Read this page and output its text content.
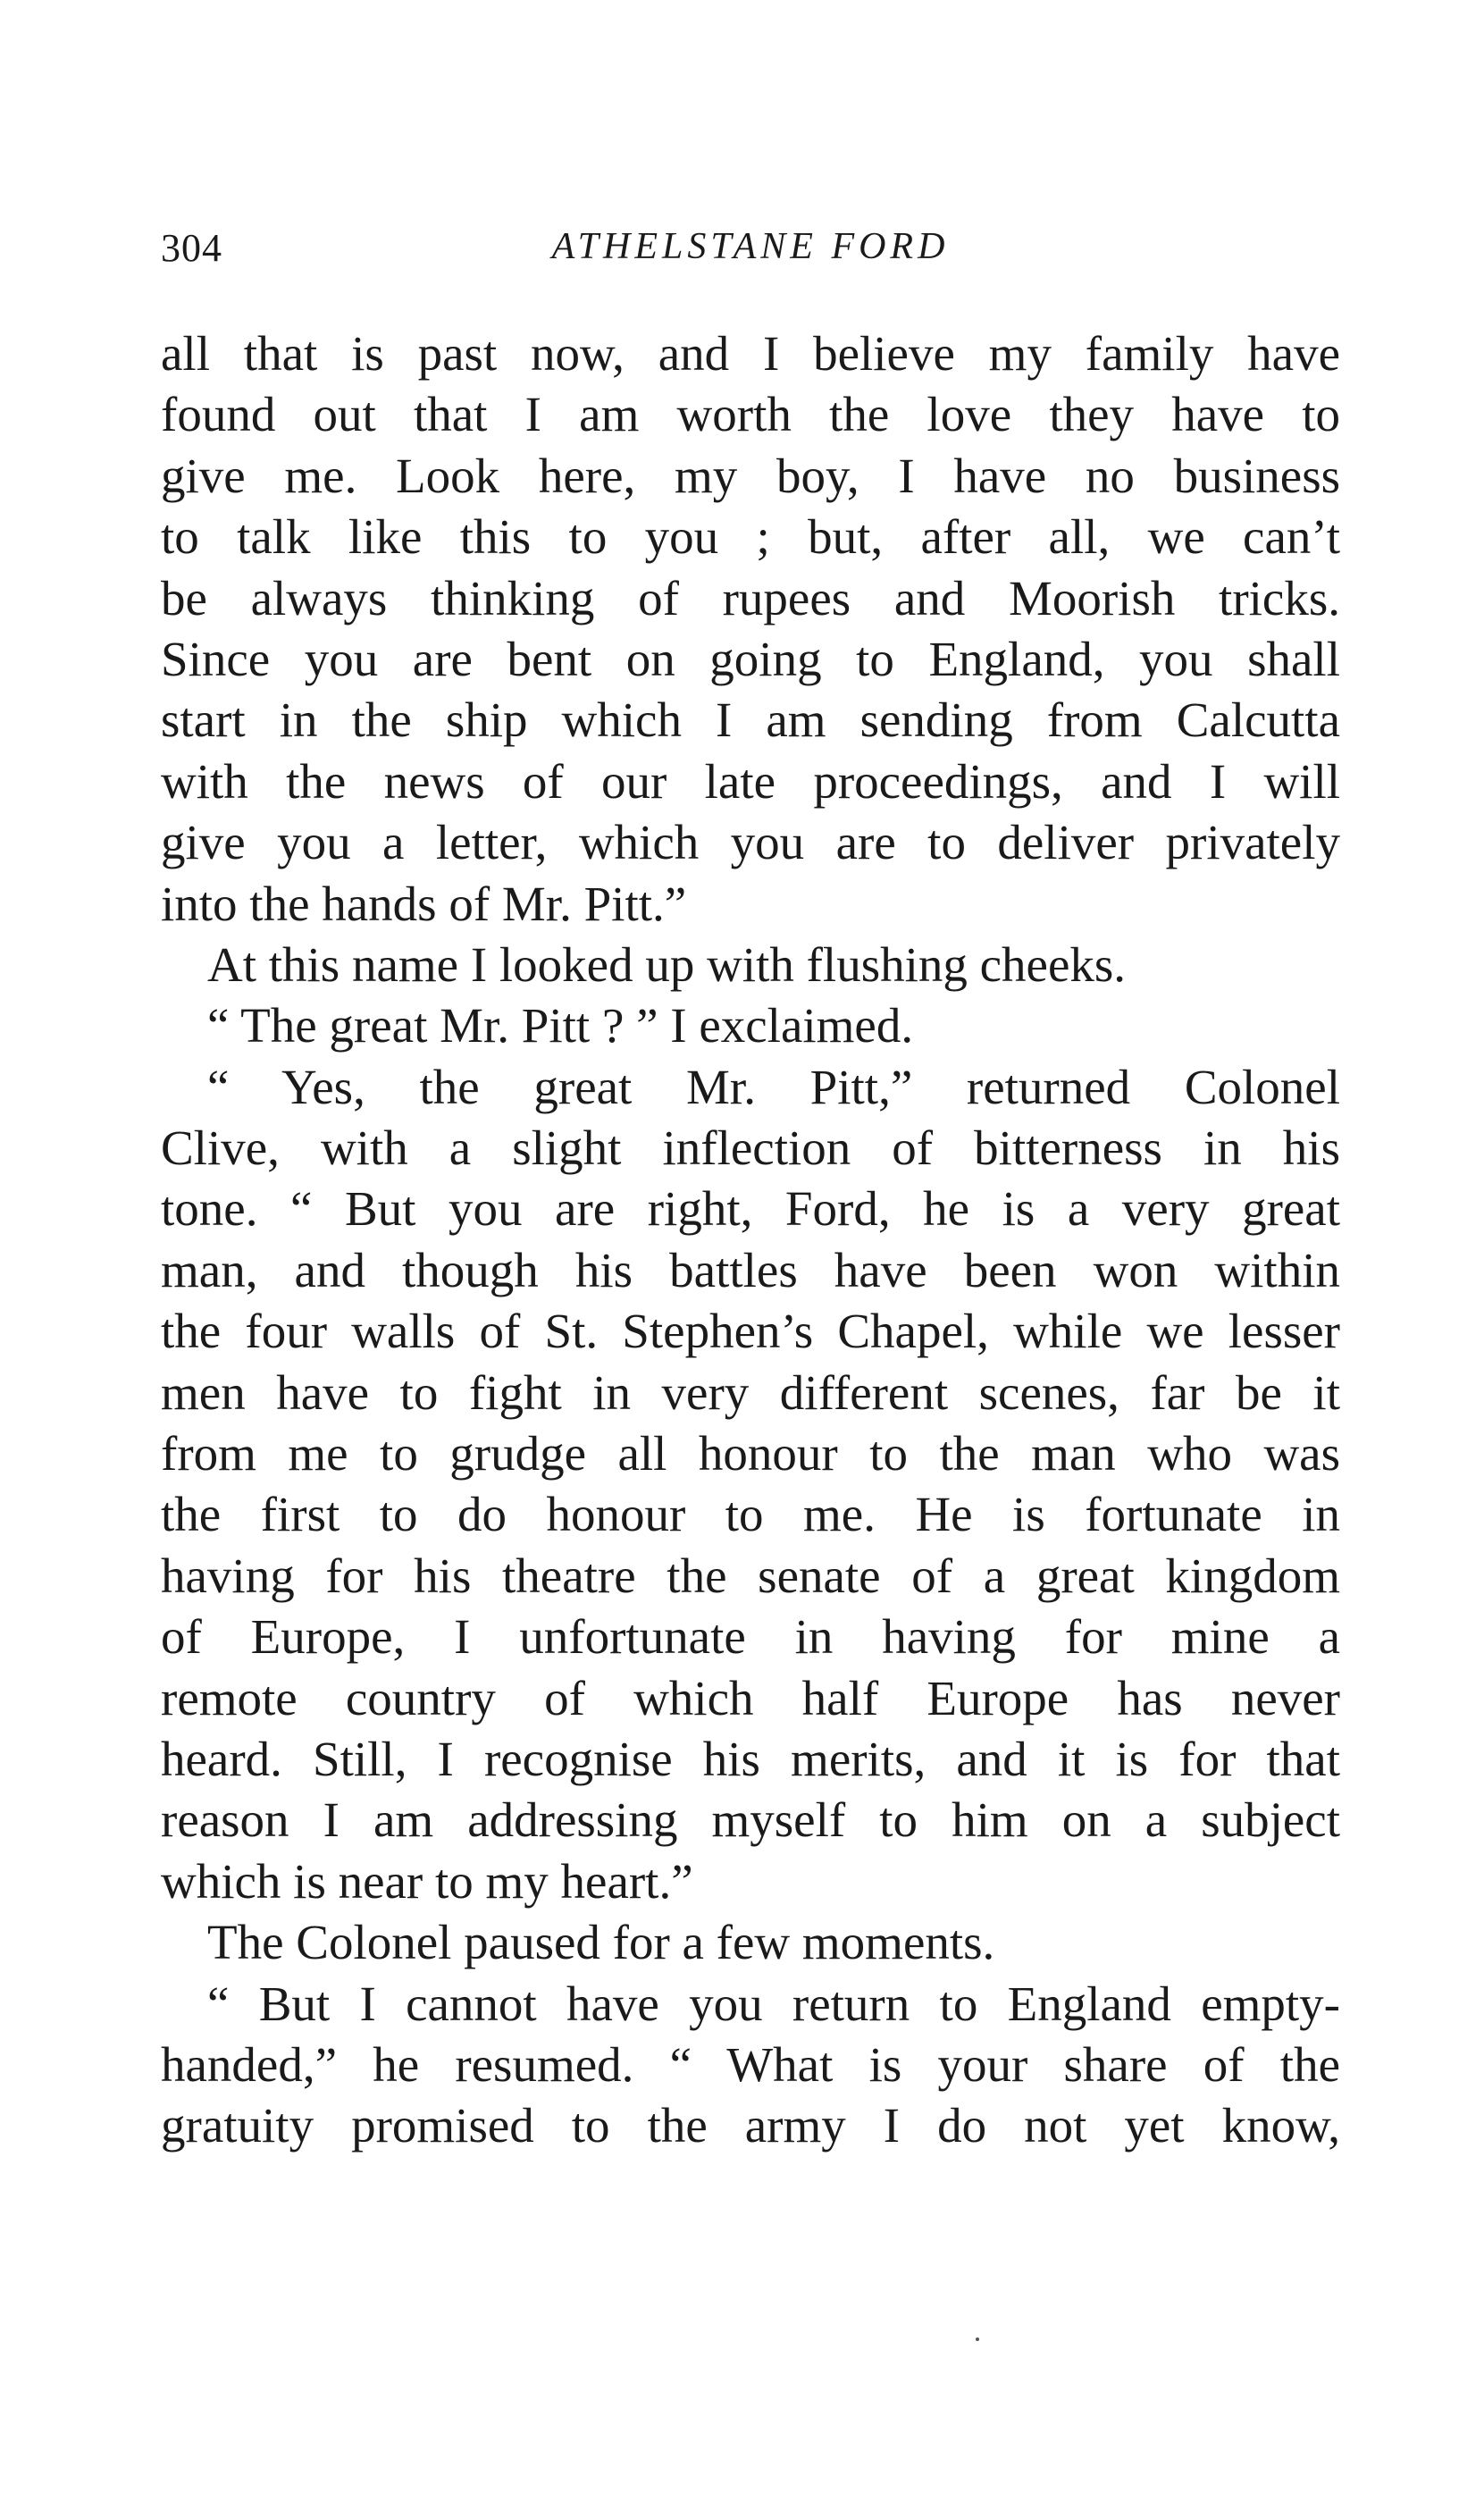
304	ATHELSTANE FORD
all that is past now, and I believe my family have
found out that I am worth the love they have to
give me. Look here, my boy, I have no business
to talk like this to you ; but, after all, we can’t
be always thinking of rupees and Moorish tricks.
Since you are bent on going to England, you shall
start in the ship which I am sending from Calcutta
with the news of our late proceedings, and I will
give you a letter, which you are to deliver privately
into the hands of Mr. Pitt.”
At this name I looked up with flushing cheeks.
“ The great Mr. Pitt ? ” I exclaimed.
“ Yes, the great Mr. Pitt,” returned Colonel
Clive, with a slight inflection of bitterness in his
tone. “ But you are right, Ford, he is a very great
man, and though his battles have been won within
the four walls of St. Stephen’s Chapel, while we lesser
men have to fight in very different scenes, far be it
from me to grudge all honour to the man who was
the first to do honour to me. He is fortunate in
having for his theatre the senate of a great kingdom
of Europe, I unfortunate in having for mine a
remote country of which half Europe has never
heard. Still, I recognise his merits, and it is for that
reason I am addressing myself to him on a subject
which is near to my heart.”
The Colonel paused for a few moments.
“ But I cannot have you return to England empty-
handed,” he resumed. “ What is your share of the
gratuity promised to the army I do not yet know,
